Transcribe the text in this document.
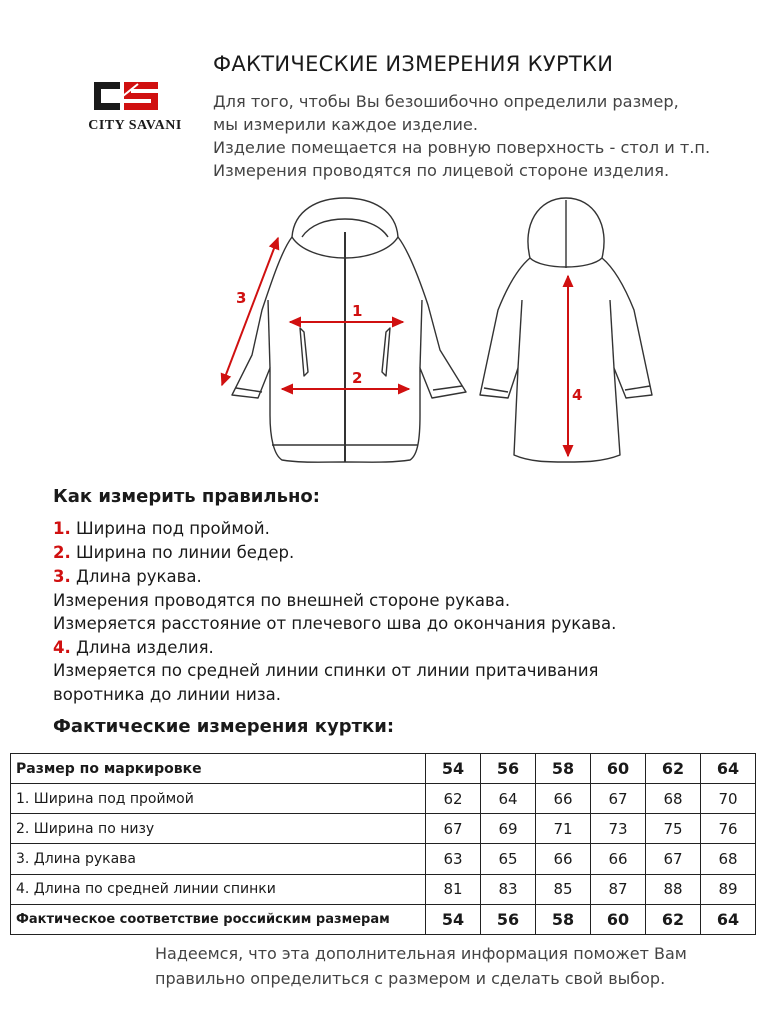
CITY SAVANI
ФАКТИЧЕСКИЕ ИЗМЕРЕНИЯ КУРТКИ
Для того, чтобы Вы безошибочно определили размер,
мы измерили каждое изделие.
Изделие помещается на ровную поверхность - стол и т.п.
Измерения проводятся по лицевой стороне изделия.
1
2
3
4
Как измерить правильно:
1. Ширина под проймой.
2. Ширина по линии бедер.
3. Длина рукава.
Измерения проводятся по внешней стороне рукава.
Измеряется расстояние от плечевого шва до окончания рукава.
4. Длина изделия.
Измеряется по средней линии спинки от линии притачивания
воротника до линии низа.
Фактические измерения куртки:
Размер по маркировке	54	56	58	60	62	64
1. Ширина под проймой	62	64	66	67	68	70
2. Ширина по низу	67	69	71	73	75	76
3. Длина рукава	63	65	66	66	67	68
4. Длина по средней линии спинки	81	83	85	87	88	89
Фактическое соответствие российским размерам	54	56	58	60	62	64
Надеемся, что эта дополнительная информация поможет Вам
правильно определиться с размером и сделать свой выбор.
